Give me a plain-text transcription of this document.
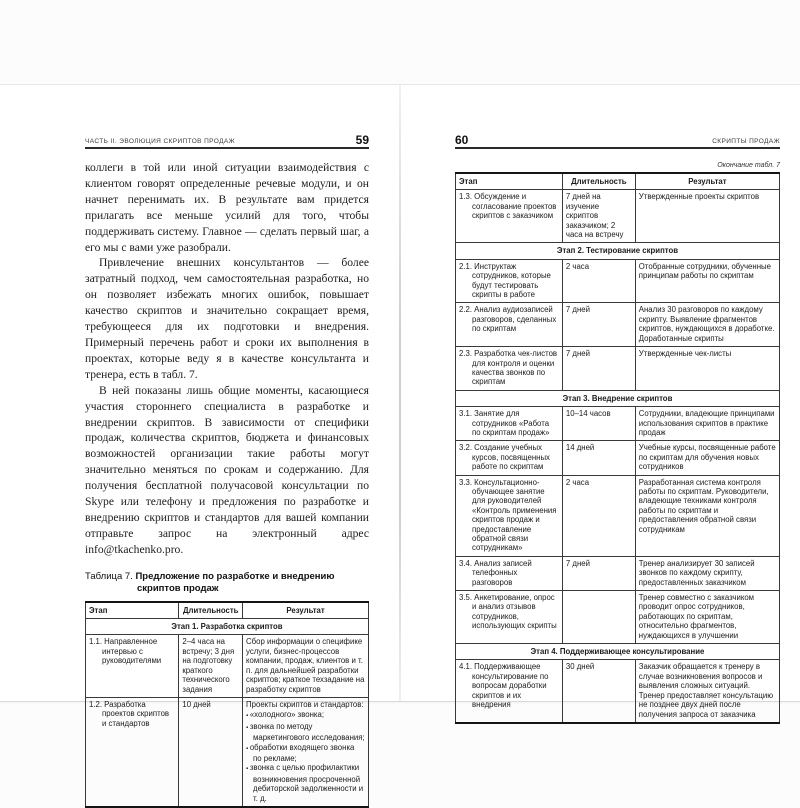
ЧАСТЬ II. ЭВОЛЮЦИЯ СКРИПТОВ ПРОДАЖ	59

коллеги в той или иной ситуации взаимодействия с клиентом говорят определенные речевые модули, и он начнет перенимать их. В результате вам придется прилагать все меньше усилий для того, чтобы поддерживать систему. Главное — сделать первый шаг, а его мы с вами уже разобрали.

Привлечение внешних консультантов — более затратный подход, чем самостоятельная разработка, но он позволяет избежать многих ошибок, повышает качество скриптов и значительно сокращает время, требующееся для их подготовки и внедрения. Примерный перечень работ и сроки их выполнения в проектах, которые веду я в качестве консультанта и тренера, есть в табл. 7.

В ней показаны лишь общие моменты, касающиеся участия стороннего специалиста в разработке и внедрении скриптов. В зависимости от специфики продаж, количества скриптов, бюджета и финансовых возможностей организации такие работы могут значительно меняться по срокам и содержанию. Для получения бесплатной получасовой консультации по Skype или телефону и предложения по разработке и внедрению скриптов и стандартов для вашей компании отправьте запрос на электронный адрес info@tkachenko.pro.

Таблица 7. Предложение по разработке и внедрению скриптов продаж
Этап	Длительность	Результат
Этап 1. Разработка скриптов		
1.1. Направленное интервью с руководителями	2–4 часа на встречу; 3 дня на подготовку краткого технического задания	Сбор информации о специфике услуги, бизнес-процессов компании, продаж, клиентов и т. п. для дальнейшей разработки скриптов; краткое техзадание на разработку скриптов
1.2. Разработка проектов скриптов и стандартов	10 дней	Проекты скриптов и стандартов:
▪ «холодного» звонка;
▪ звонка по методу маркетингового исследования;
▪ обработки входящего звонка по рекламе;
▪ звонка с целью профилактики возникновения просроченной дебиторской задолженности и т. д.
60	СКРИПТЫ ПРОДАЖ
Окончание табл. 7
Этап	Длительность	Результат
1.3. Обсуждение и согласование проектов скриптов с заказчиком	7 дней на изучение скриптов заказчиком; 2 часа на встречу	Утвержденные проекты скриптов
Этап 2. Тестирование скриптов		
2.1. Инструктаж сотрудников, которые будут тестировать скрипты в работе	2 часа	Отобранные сотрудники, обученные принципам работы по скриптам
2.2. Анализ аудиозаписей разговоров, сделанных по скриптам	7 дней	Анализ 30 разговоров по каждому скрипту. Выявление фрагментов скриптов, нуждающихся в доработке. Доработанные скрипты
2.3. Разработка чек-листов для контроля и оценки качества звонков по скриптам	7 дней	Утвержденные чек-листы
Этап 3. Внедрение скриптов		
3.1. Занятие для сотрудников «Работа по скриптам продаж»	10–14 часов	Сотрудники, владеющие принципами использования скриптов в практике продаж
3.2. Создание учебных курсов, посвященных работе по скриптам	14 дней	Учебные курсы, посвященные работе по скриптам для обучения новых сотрудников
3.3. Консультационно-обучающее занятие для руководителей «Контроль применения скриптов продаж и предоставление обратной связи сотрудникам»	2 часа	Разработанная система контроля работы по скриптам. Руководители, владеющие техниками контроля работы по скриптам и предоставления обратной связи сотрудникам
3.4. Анализ записей телефонных разговоров	7 дней	Тренер анализирует 30 записей звонков по каждому скрипту, предоставленных заказчиком
3.5. Анкетирование, опрос и анализ отзывов сотрудников, использующих скрипты		Тренер совместно с заказчиком проводит опрос сотрудников, работающих по скриптам, относительно фрагментов, нуждающихся в улучшении
Этап 4. Поддерживающее консультирование		
4.1. Поддерживающее консультирование по вопросам доработки скриптов и их внедрения	30 дней	Заказчик обращается к тренеру в случае возникновения вопросов и выявления сложных ситуаций. Тренер предоставляет консультацию не позднее двух дней после получения запроса от заказчика
